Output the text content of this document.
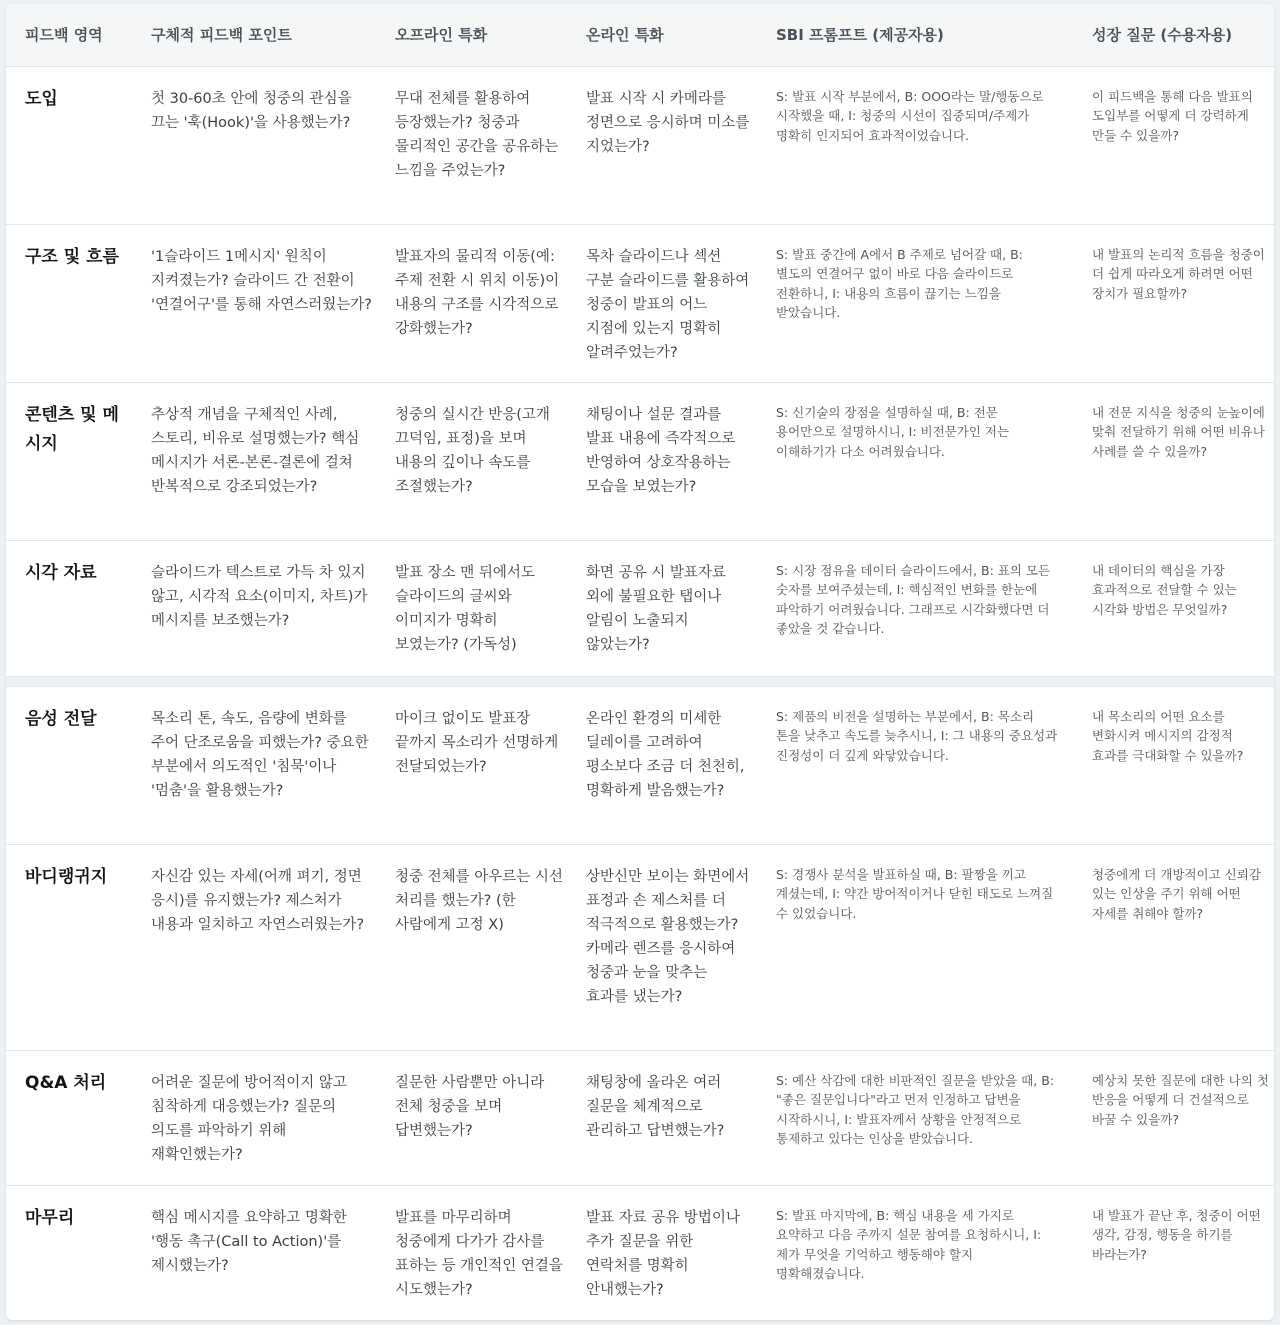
피드백 영역	구체적 피드백 포인트	오프라인 특화	온라인 특화	SBI 프롬프트 (제공자용)	성장 질문 (수용자용)
도입	첫 30-60초 안에 청중의 관심을 끄는 '훅(Hook)'을 사용했는가?	무대 전체를 활용하여 등장했는가? 청중과 물리적인 공간을 공유하는 느낌을 주었는가?	발표 시작 시 카메라를 정면으로 응시하며 미소를 지었는가?	S: 발표 시작 부분에서, B: OOO라는 말/행동으로 시작했을 때, I: 청중의 시선이 집중되며/주제가 명확히 인지되어 효과적이었습니다.	이 피드백을 통해 다음 발표의 도입부를 어떻게 더 강력하게 만들 수 있을까?
구조 및 흐름	'1슬라이드 1메시지' 원칙이 지켜졌는가? 슬라이드 간 전환이 '연결어구'를 통해 자연스러웠는가?	발표자의 물리적 이동(예: 주제 전환 시 위치 이동)이 내용의 구조를 시각적으로 강화했는가?	목차 슬라이드나 섹션 구분 슬라이드를 활용하여 청중이 발표의 어느 지점에 있는지 명확히 알려주었는가?	S: 발표 중간에 A에서 B 주제로 넘어갈 때, B: 별도의 연결어구 없이 바로 다음 슬라이드로 전환하니, I: 내용의 흐름이 끊기는 느낌을 받았습니다.	내 발표의 논리적 흐름을 청중이 더 쉽게 따라오게 하려면 어떤 장치가 필요할까?
콘텐츠 및 메시지	추상적 개념을 구체적인 사례, 스토리, 비유로 설명했는가? 핵심 메시지가 서론-본론-결론에 걸쳐 반복적으로 강조되었는가?	청중의 실시간 반응(고개 끄덕임, 표정)을 보며 내용의 깊이나 속도를 조절했는가?	채팅이나 설문 결과를 발표 내용에 즉각적으로 반영하여 상호작용하는 모습을 보였는가?	S: 신기술의 장점을 설명하실 때, B: 전문 용어만으로 설명하시니, I: 비전문가인 저는 이해하기가 다소 어려웠습니다.	내 전문 지식을 청중의 눈높이에 맞춰 전달하기 위해 어떤 비유나 사례를 쓸 수 있을까?
시각 자료	슬라이드가 텍스트로 가득 차 있지 않고, 시각적 요소(이미지, 차트)가 메시지를 보조했는가?	발표 장소 맨 뒤에서도 슬라이드의 글씨와 이미지가 명확히 보였는가? (가독성)	화면 공유 시 발표자료 외에 불필요한 탭이나 알림이 노출되지 않았는가?	S: 시장 점유율 데이터 슬라이드에서, B: 표의 모든 숫자를 보여주셨는데, I: 핵심적인 변화를 한눈에 파악하기 어려웠습니다. 그래프로 시각화했다면 더 좋았을 것 같습니다.	내 데이터의 핵심을 가장 효과적으로 전달할 수 있는 시각화 방법은 무엇일까?

음성 전달	목소리 톤, 속도, 음량에 변화를 주어 단조로움을 피했는가? 중요한 부분에서 의도적인 '침묵'이나 '멈춤'을 활용했는가?	마이크 없이도 발표장 끝까지 목소리가 선명하게 전달되었는가?	온라인 환경의 미세한 딜레이를 고려하여 평소보다 조금 더 천천히, 명확하게 발음했는가?	S: 제품의 비전을 설명하는 부분에서, B: 목소리 톤을 낮추고 속도를 늦추시니, I: 그 내용의 중요성과 진정성이 더 깊게 와닿았습니다.	내 목소리의 어떤 요소를 변화시켜 메시지의 감정적 효과를 극대화할 수 있을까?
바디랭귀지	자신감 있는 자세(어깨 펴기, 정면 응시)를 유지했는가? 제스처가 내용과 일치하고 자연스러웠는가?	청중 전체를 아우르는 시선 처리를 했는가? (한 사람에게 고정 X)	상반신만 보이는 화면에서 표정과 손 제스처를 더 적극적으로 활용했는가? 카메라 렌즈를 응시하여 청중과 눈을 맞추는 효과를 냈는가?	S: 경쟁사 분석을 발표하실 때, B: 팔짱을 끼고 계셨는데, I: 약간 방어적이거나 닫힌 태도로 느껴질 수 있었습니다.	청중에게 더 개방적이고 신뢰감 있는 인상을 주기 위해 어떤 자세를 취해야 할까?
Q&A 처리	어려운 질문에 방어적이지 않고 침착하게 대응했는가? 질문의 의도를 파악하기 위해 재확인했는가?	질문한 사람뿐만 아니라 전체 청중을 보며 답변했는가?	채팅창에 올라온 여러 질문을 체계적으로 관리하고 답변했는가?	S: 예산 삭감에 대한 비판적인 질문을 받았을 때, B: "좋은 질문입니다"라고 먼저 인정하고 답변을 시작하시니, I: 발표자께서 상황을 안정적으로 통제하고 있다는 인상을 받았습니다.	예상치 못한 질문에 대한 나의 첫 반응을 어떻게 더 건설적으로 바꿀 수 있을까?
마무리	핵심 메시지를 요약하고 명확한 '행동 촉구(Call to Action)'를 제시했는가?	발표를 마무리하며 청중에게 다가가 감사를 표하는 등 개인적인 연결을 시도했는가?	발표 자료 공유 방법이나 추가 질문을 위한 연락처를 명확히 안내했는가?	S: 발표 마지막에, B: 핵심 내용을 세 가지로 요약하고 다음 주까지 설문 참여를 요청하시니, I: 제가 무엇을 기억하고 행동해야 할지 명확해졌습니다.	내 발표가 끝난 후, 청중이 어떤 생각, 감정, 행동을 하기를 바라는가?
